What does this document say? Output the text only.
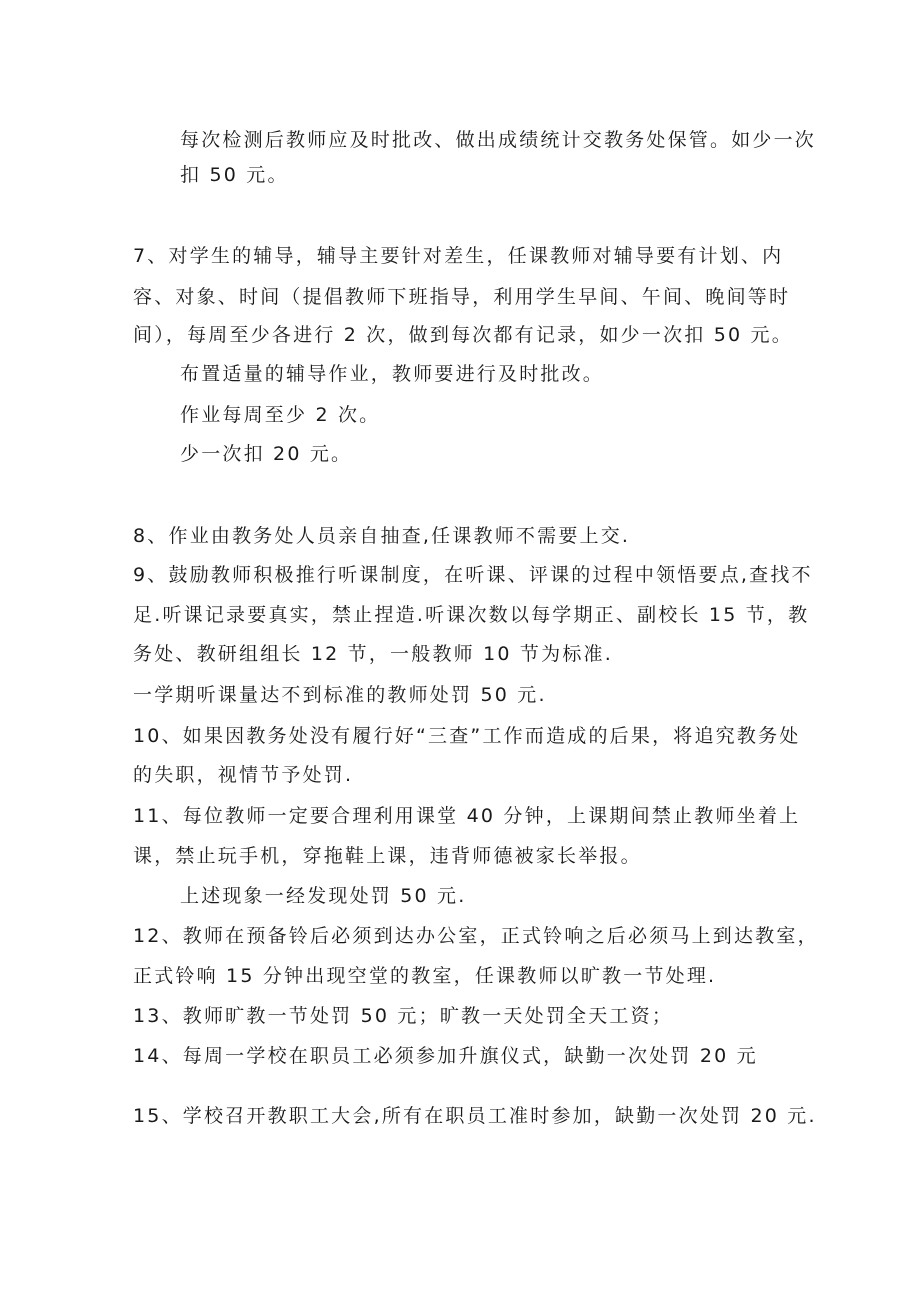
每次检测后教师应及时批改、做出成绩统计交教务处保管。如少一次
扣 50 元。
7、对学生的辅导，辅导主要针对差生，任课教师对辅导要有计划、内
容、对象、时间（提倡教师下班指导，利用学生早间、午间、晚间等时
间），每周至少各进行 2 次，做到每次都有记录，如少一次扣 50 元。
布置适量的辅导作业，教师要进行及时批改。
作业每周至少 2 次。
少一次扣 20 元。
8、作业由教务处人员亲自抽查,任课教师不需要上交.
9、鼓励教师积极推行听课制度，在听课、评课的过程中领悟要点,查找不
足.听课记录要真实，禁止捏造.听课次数以每学期正、副校长 15 节，教
务处、教研组组长 12 节，一般教师 10 节为标准.
一学期听课量达不到标准的教师处罚 50 元.
10、如果因教务处没有履行好“三查”工作而造成的后果，将追究教务处
的失职，视情节予处罚.
11、每位教师一定要合理利用课堂 40 分钟，上课期间禁止教师坐着上
课，禁止玩手机，穿拖鞋上课，违背师德被家长举报。
上述现象一经发现处罚 50 元.
12、教师在预备铃后必须到达办公室，正式铃响之后必须马上到达教室，
正式铃响 15 分钟出现空堂的教室，任课教师以旷教一节处理.
13、教师旷教一节处罚 50 元；旷教一天处罚全天工资；
14、每周一学校在职员工必须参加升旗仪式，缺勤一次处罚 20 元
15、学校召开教职工大会,所有在职员工准时参加，缺勤一次处罚 20 元.
